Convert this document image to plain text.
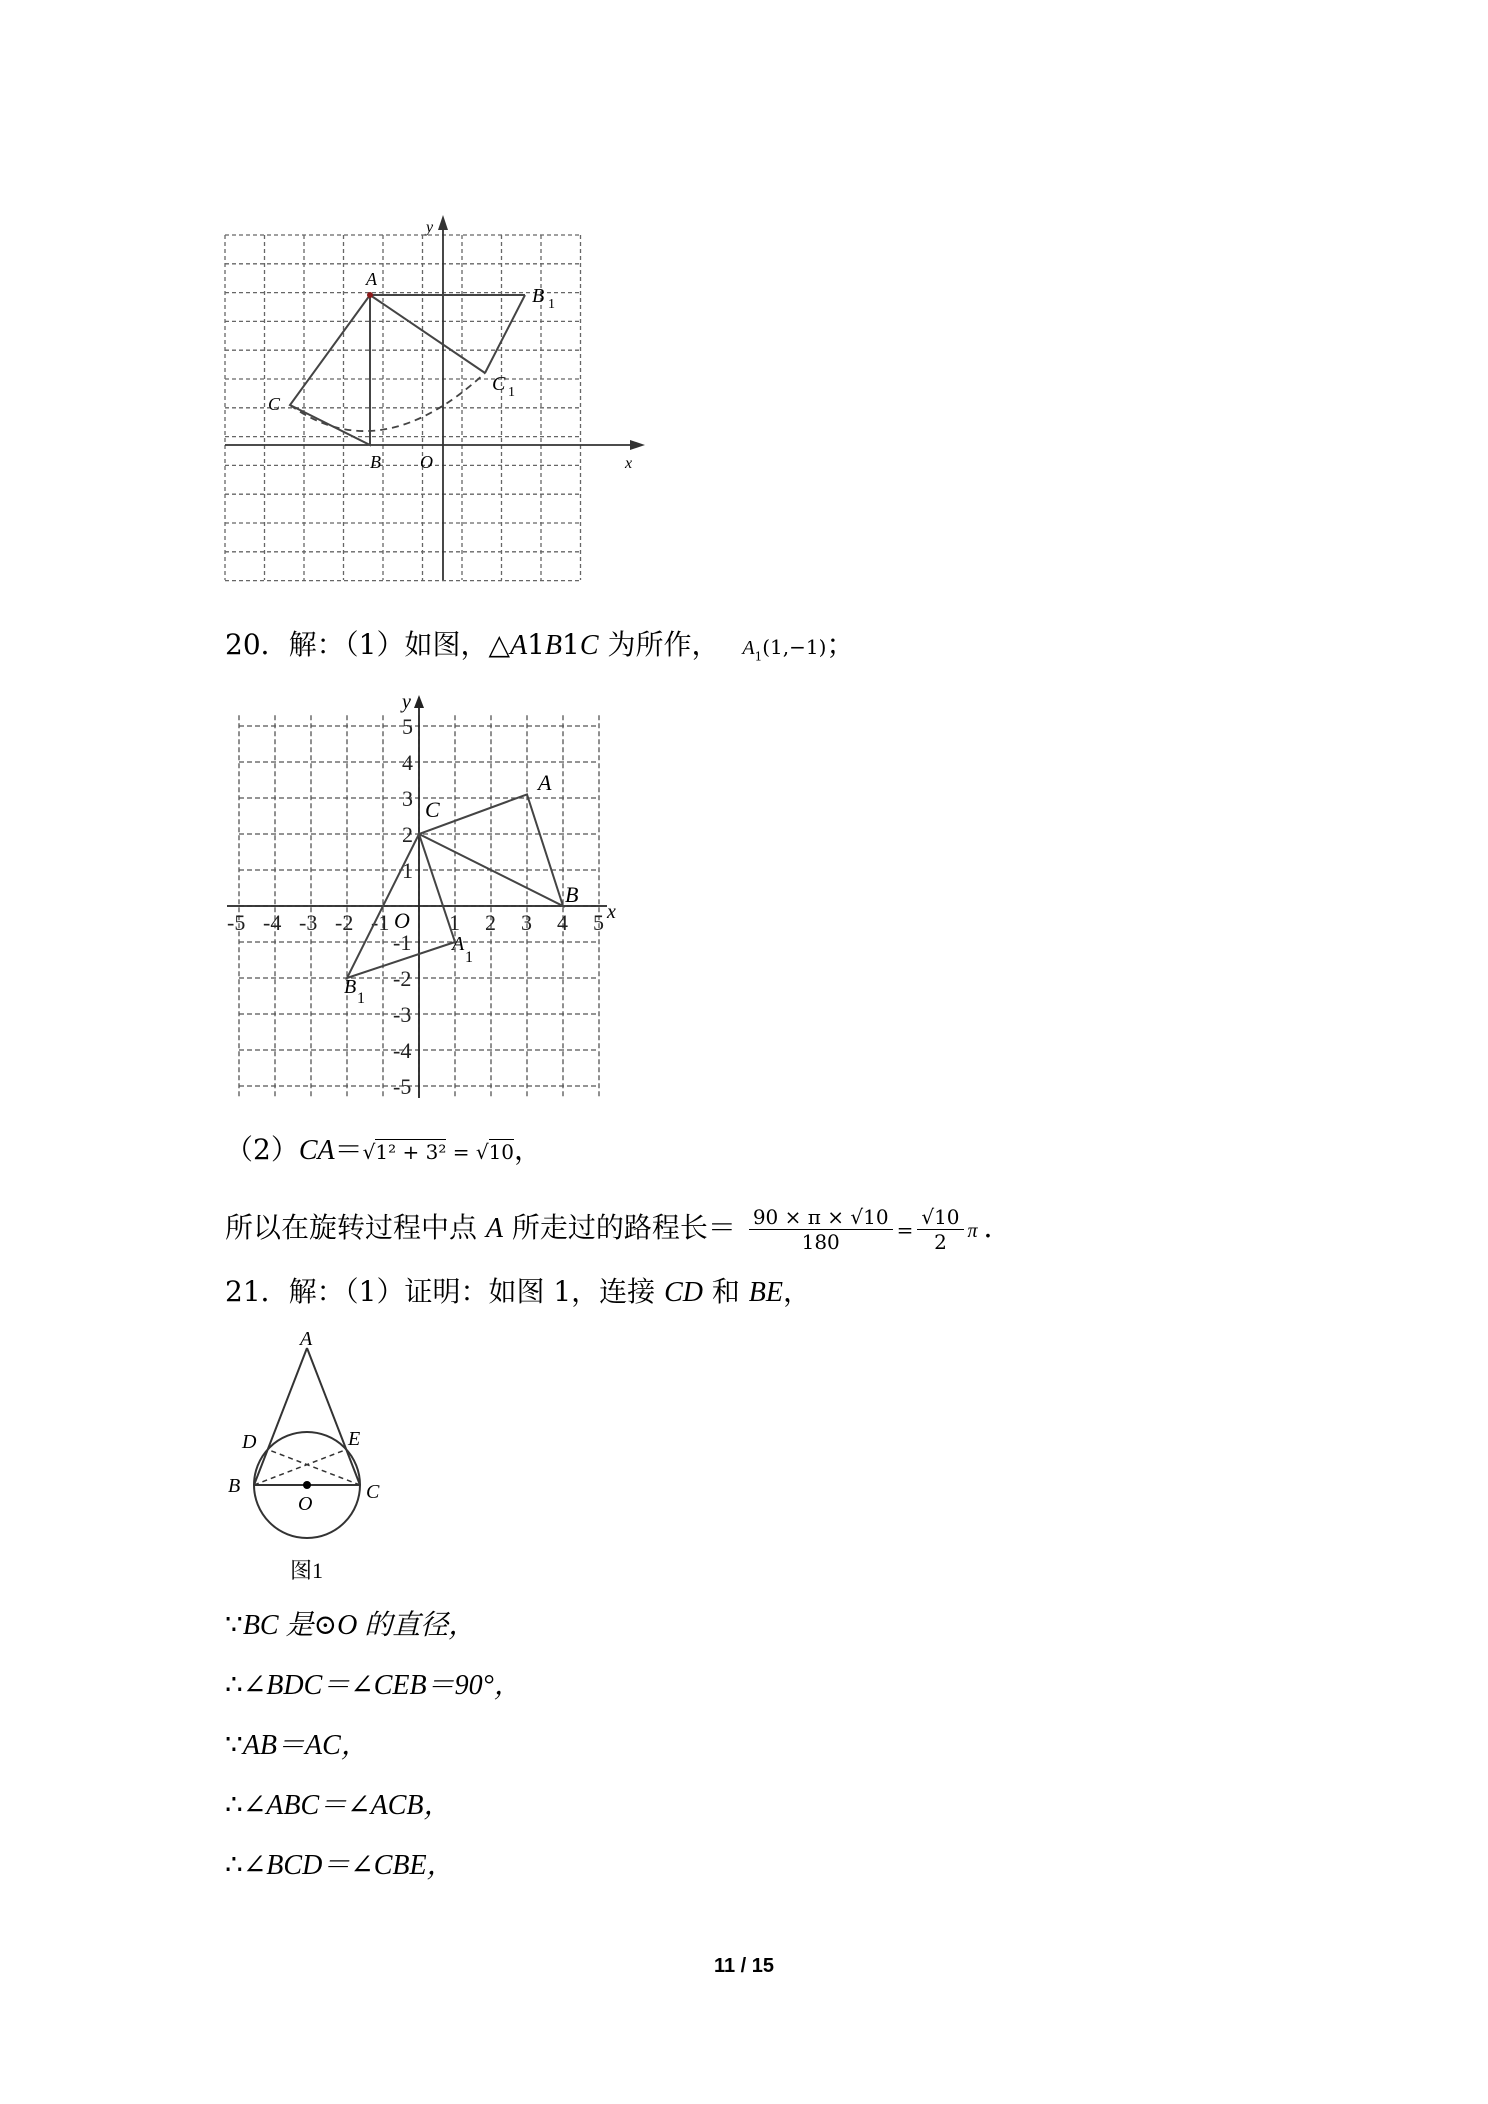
A
B
C
O
B 1
C 1
x
y
20．解：（1）如图，△A1B1C 为所作， $A_1(1,-1)$；
-5 -4 -3 -2 -1	1 2 3 4 5
5
4
3
2
1
-1
-2
-3
-4
-5
A
B
C
A
1
B
1
O	x
y
（2）CA＝√1² + 3² = √10，
所以在旋转过程中点 A 所走过的路程长＝ $\frac{90 \times \pi \times √10}{180} = \frac{√10}{2}$ π ．
21．解：（1）证明：如图 1，连接 CD 和 BE，
A
D	E
B	C
O
图1
∵BC 是⊙O 的直径，
∴∠BDC＝∠CEB＝90°，
∵AB＝AC，
∴∠ABC＝∠ACB，
∴∠BCD＝∠CBE，
11 / 15
